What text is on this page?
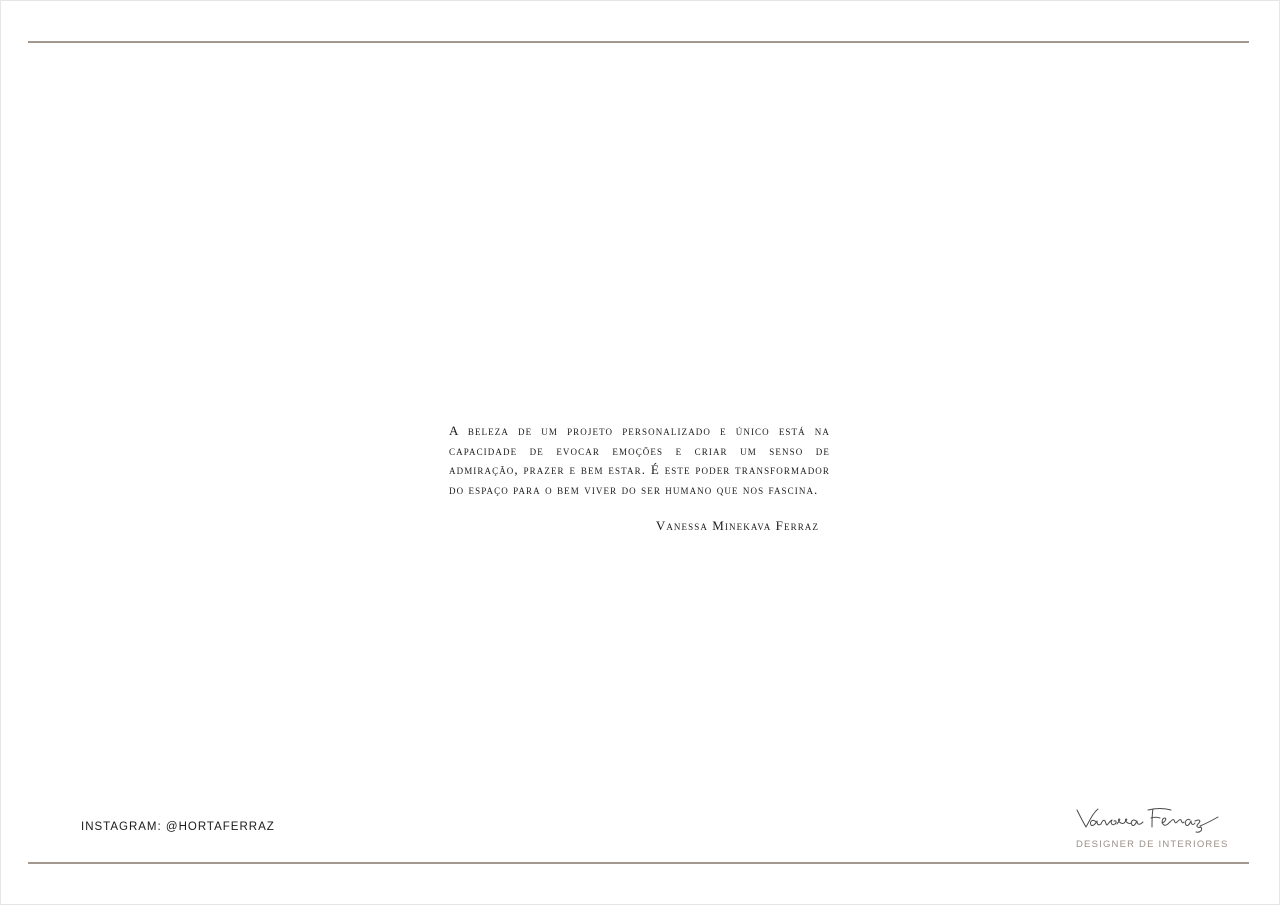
A beleza de um projeto personalizado e único está na capacidade de evocar emoções e criar um senso de admiração, prazer e bem estar. É este poder transformador do espaço para o bem viver do ser humano que nos fascina.

Vanessa Minekava Ferraz

INSTAGRAM: @HORTAFERRAZ
DESIGNER DE INTERIORES
